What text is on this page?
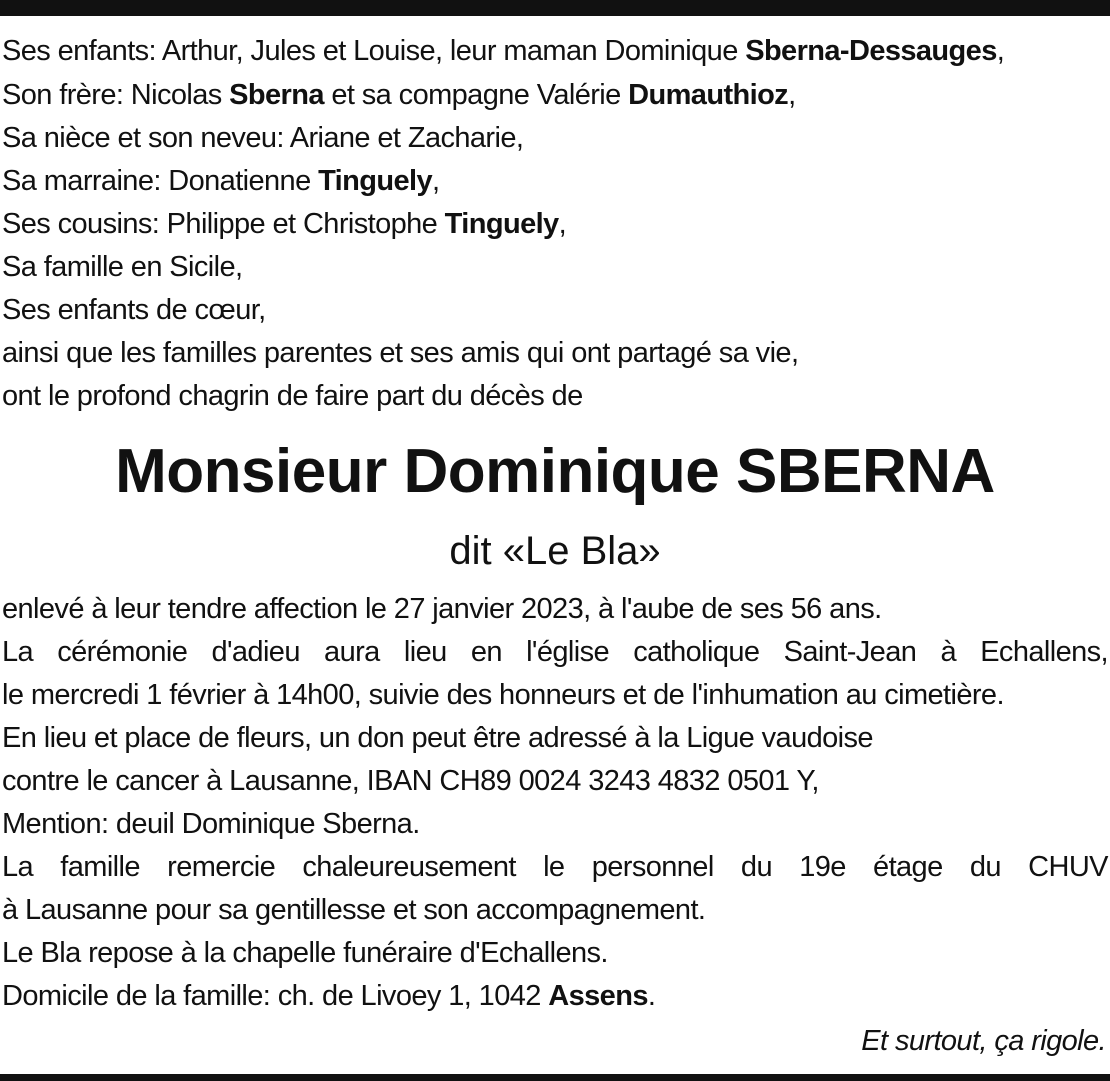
Ses enfants: Arthur, Jules et Louise, leur maman Dominique Sberna-Dessauges,
Son frère: Nicolas Sberna et sa compagne Valérie Dumauthioz,
Sa nièce et son neveu: Ariane et Zacharie,
Sa marraine: Donatienne Tinguely,
Ses cousins: Philippe et Christophe Tinguely,
Sa famille en Sicile,
Ses enfants de cœur,
ainsi que les familles parentes et ses amis qui ont partagé sa vie,
ont le profond chagrin de faire part du décès de
Monsieur Dominique SBERNA
dit «Le Bla»
enlevé à leur tendre affection le 27 janvier 2023, à l'aube de ses 56 ans.
La cérémonie d'adieu aura lieu en l'église catholique Saint-Jean à Echallens,
le mercredi 1 février à 14h00, suivie des honneurs et de l'inhumation au cimetière.
En lieu et place de fleurs, un don peut être adressé à la Ligue vaudoise
contre le cancer à Lausanne, IBAN CH89 0024 3243 4832 0501 Y,
Mention: deuil Dominique Sberna.
La famille remercie chaleureusement le personnel du 19e étage du CHUV
à Lausanne pour sa gentillesse et son accompagnement.
Le Bla repose à la chapelle funéraire d'Echallens.
Domicile de la famille: ch. de Livoey 1, 1042 Assens.
Et surtout, ça rigole.
